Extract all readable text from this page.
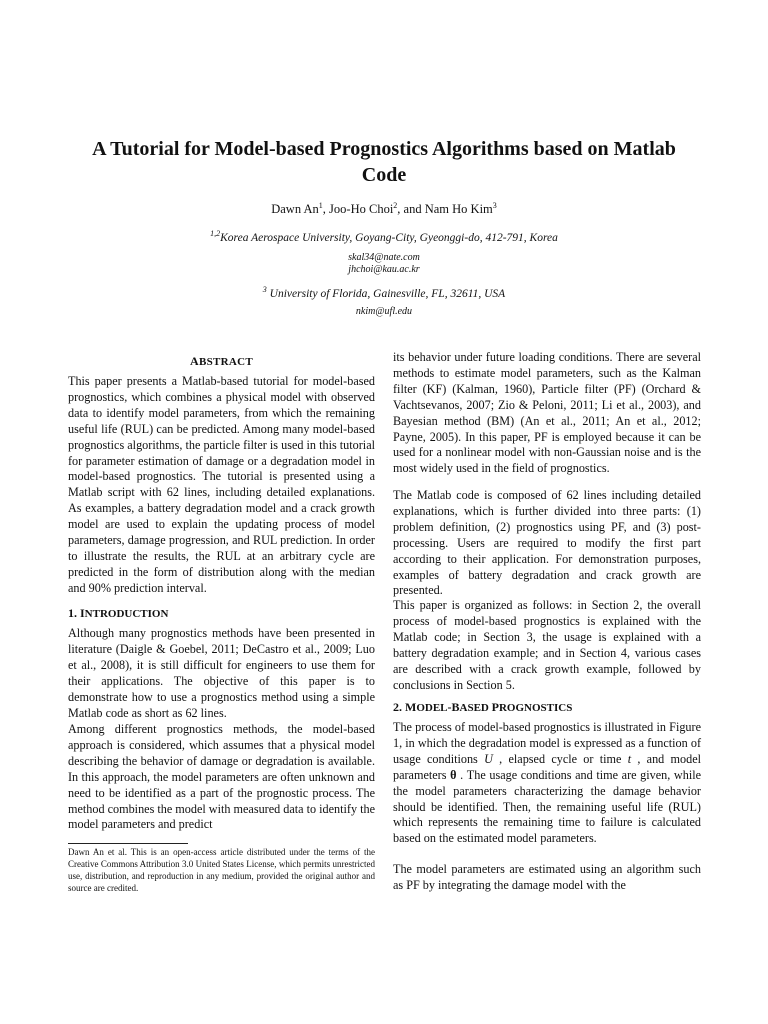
A Tutorial for Model-based Prognostics Algorithms based on Matlab
Code
Dawn An$^1$, Joo-Ho Choi$^2$, and Nam Ho Kim$^3$
$^{1,2}$Korea Aerospace University, Goyang-City, Gyeonggi-do, 412-791, Korea
skal34@nate.com
jhchoi@kau.ac.kr
$^3$ University of Florida, Gainesville, FL, 32611, USA
nkim@ufl.edu
ABSTRACT

This paper presents a Matlab-based tutorial for model-based prognostics, which combines a physical model with observed data to identify model parameters, from which the remaining useful life (RUL) can be predicted. Among many model-based prognostics algorithms, the particle filter is used in this tutorial for parameter estimation of damage or a degradation model in model-based prognostics. The tutorial is presented using a Matlab script with 62 lines, including detailed explanations. As examples, a battery degradation model and a crack growth model are used to explain the updating process of model parameters, damage progression, and RUL prediction. In order to illustrate the results, the RUL at an arbitrary cycle are predicted in the form of distribution along with the median and 90% prediction interval.

1. INTRODUCTION

Although many prognostics methods have been presented in literature (Daigle & Goebel, 2011; DeCastro et al., 2009; Luo et al., 2008), it is still difficult for engineers to use them for their applications. The objective of this paper is to demonstrate how to use a prognostics method using a simple Matlab code as short as 62 lines.

Among different prognostics methods, the model-based approach is considered, which assumes that a physical model describing the behavior of damage or degradation is available. In this approach, the model parameters are often unknown and need to be identified as a part of the prognostic process. The method combines the model with measured data to identify the model parameters and predict

Dawn An et al. This is an open-access article distributed under the terms of the Creative Commons Attribution 3.0 United States License, which permits unrestricted use, distribution, and reproduction in any medium, provided the original author and source are credited.

its behavior under future loading conditions. There are several methods to estimate model parameters, such as the Kalman filter (KF) (Kalman, 1960), Particle filter (PF) (Orchard & Vachtsevanos, 2007; Zio & Peloni, 2011; Li et al., 2003), and Bayesian method (BM) (An et al., 2011; An et al., 2012; Payne, 2005). In this paper, PF is employed because it can be used for a nonlinear model with non-Gaussian noise and is the most widely used in the field of prognostics.

The Matlab code is composed of 62 lines including detailed explanations, which is further divided into three parts: (1) problem definition, (2) prognostics using PF, and (3) post-processing. Users are required to modify the first part according to their application. For demonstration purposes, examples of battery degradation and crack growth are presented.

This paper is organized as follows: in Section 2, the overall process of model-based prognostics is explained with the Matlab code; in Section 3, the usage is explained with a battery degradation example; and in Section 4, various cases are described with a crack growth example, followed by conclusions in Section 5.

2. MODEL-BASED PROGNOSTICS

The process of model-based prognostics is illustrated in Figure 1, in which the degradation model is expressed as a function of usage conditions U , elapsed cycle or time t , and model parameters θ . The usage conditions and time are given, while the model parameters characterizing the damage behavior should be identified. Then, the remaining useful life (RUL) which represents the remaining time to failure is calculated based on the estimated model parameters.

The model parameters are estimated using an algorithm such as PF by integrating the damage model with the
